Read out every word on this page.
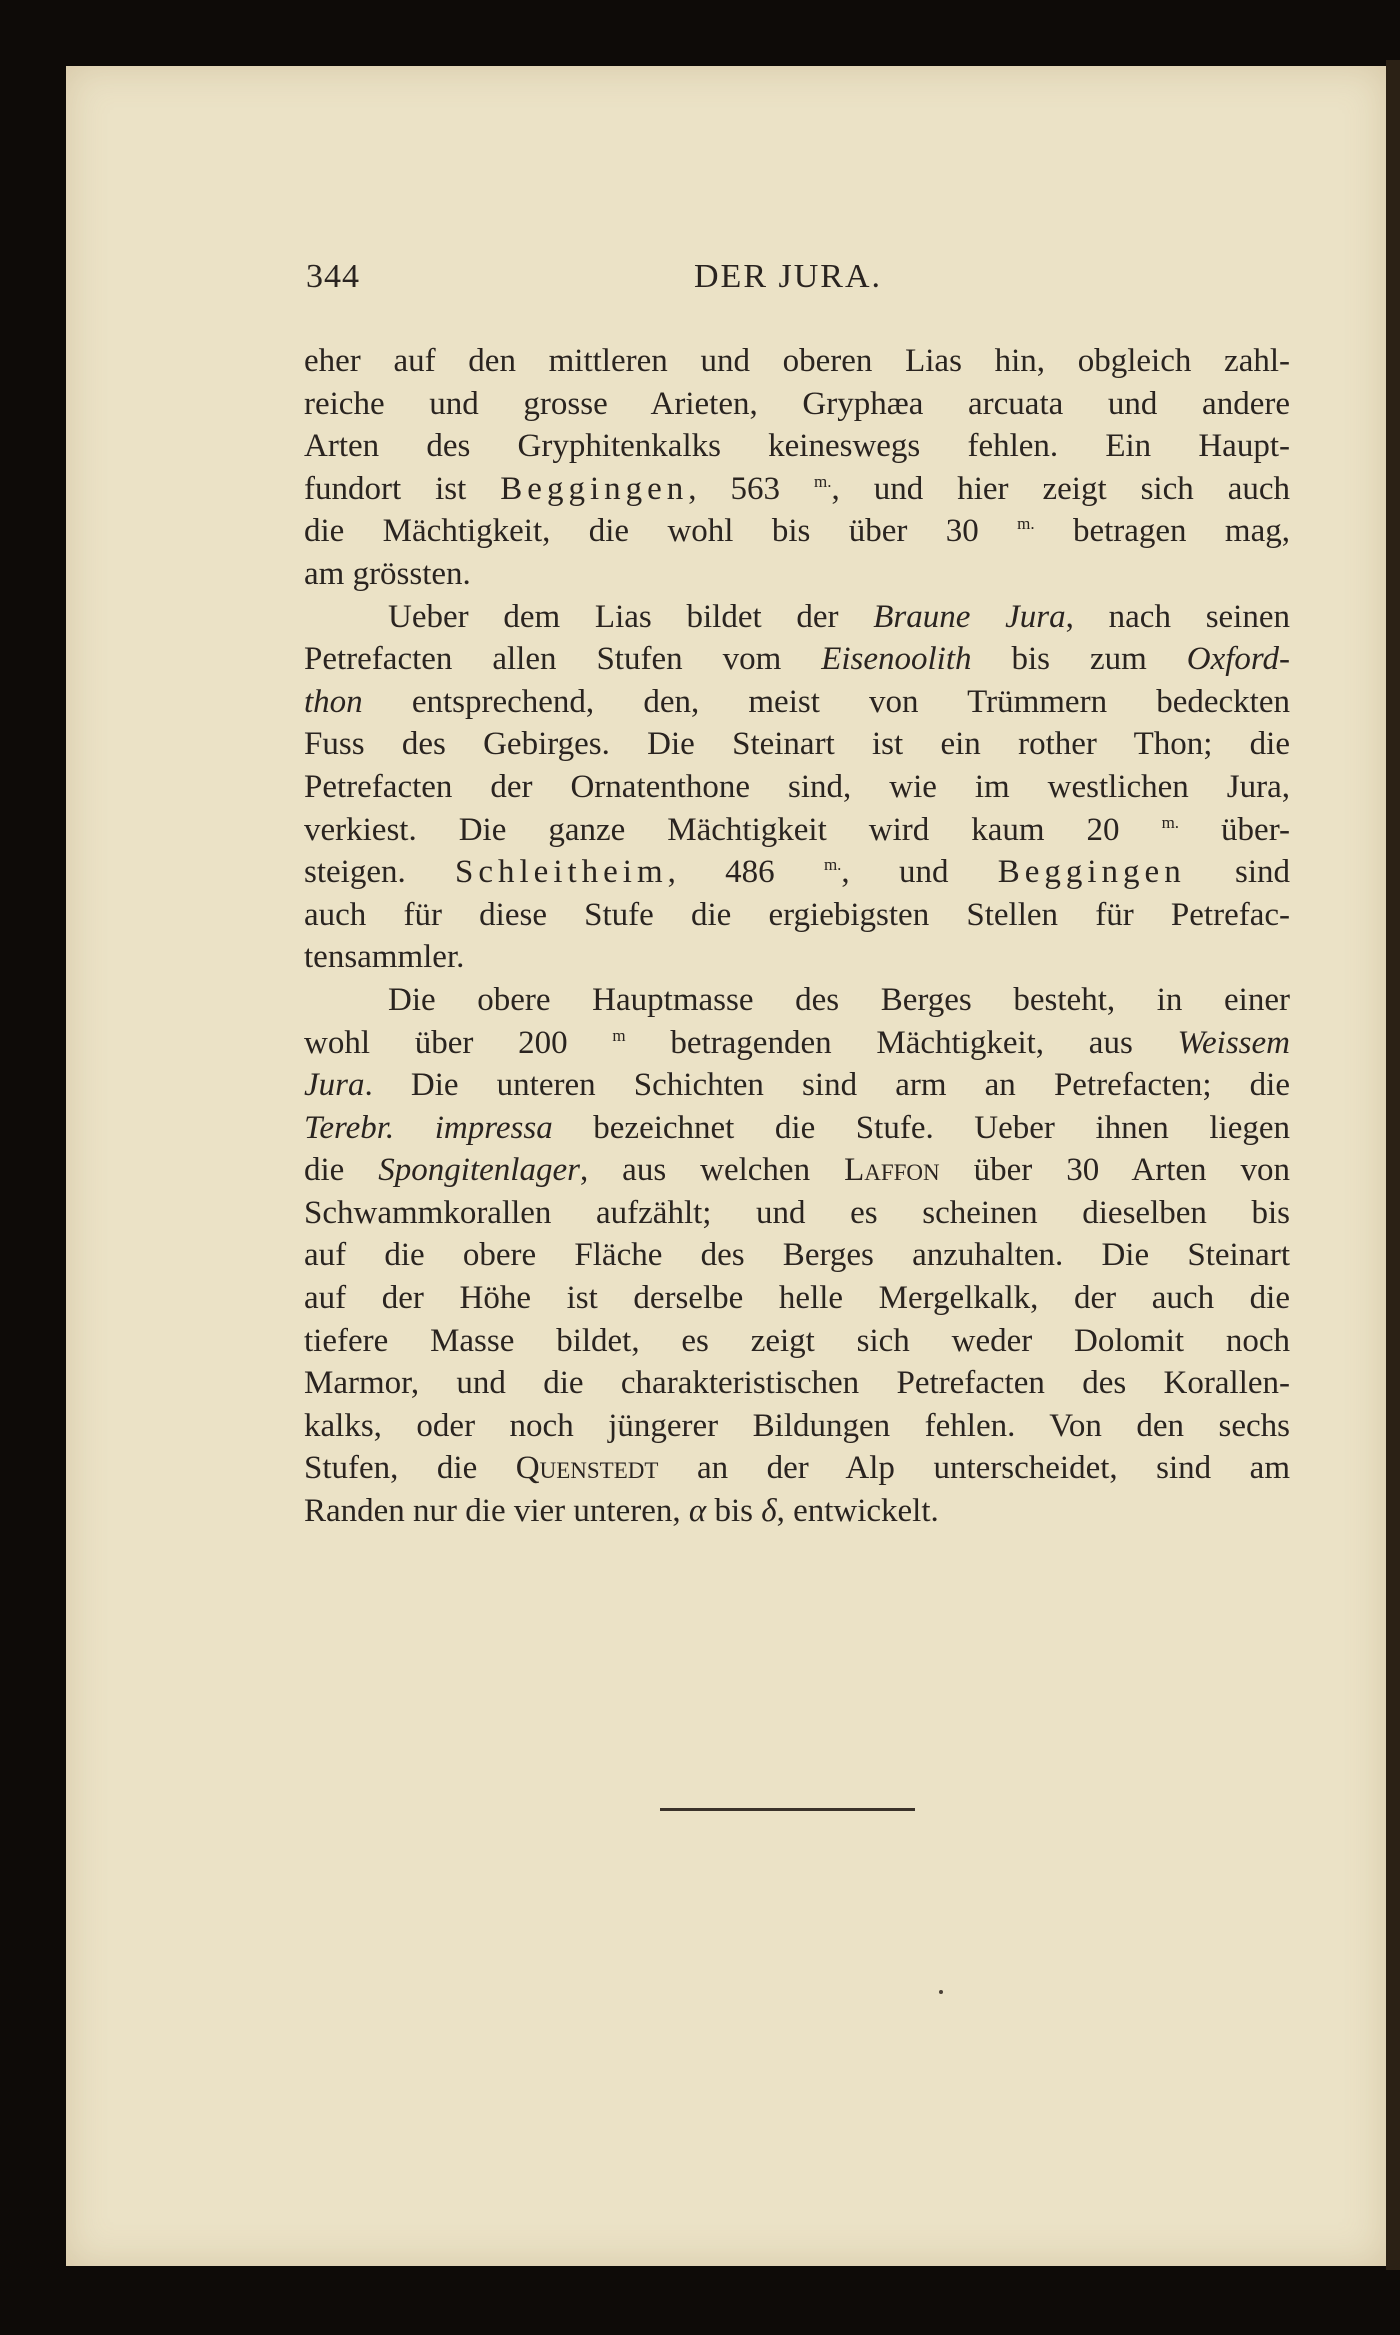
344	DER JURA.
eher auf den mittleren und oberen Lias hin, obgleich zahl-
reiche und grosse Arieten, Gryphæa arcuata und andere
Arten des Gryphitenkalks keineswegs fehlen. Ein Haupt-
fundort ist Beggingen, 563 $^{m.}$, und hier zeigt sich auch
die Mächtigkeit, die wohl bis über 30 $^{m.}$ betragen mag,
am grössten.
Ueber dem Lias bildet der Braune Jura, nach seinen
Petrefacten allen Stufen vom Eisenoolith bis zum Oxford-
thon entsprechend, den, meist von Trümmern bedeckten
Fuss des Gebirges. Die Steinart ist ein rother Thon; die
Petrefacten der Ornatenthone sind, wie im westlichen Jura,
verkiest. Die ganze Mächtigkeit wird kaum 20 $^{m.}$ über-
steigen. Schleitheim, 486 $^{m.}$, und Beggingen sind
auch für diese Stufe die ergiebigsten Stellen für Petrefac-
tensammler.
Die obere Hauptmasse des Berges besteht, in einer
wohl über 200 $^m$ betragenden Mächtigkeit, aus Weissem
Jura. Die unteren Schichten sind arm an Petrefacten; die
Terebr. impressa bezeichnet die Stufe. Ueber ihnen liegen
die Spongitenlager, aus welchen Laffon über 30 Arten von
Schwammkorallen aufzählt; und es scheinen dieselben bis
auf die obere Fläche des Berges anzuhalten. Die Steinart
auf der Höhe ist derselbe helle Mergelkalk, der auch die
tiefere Masse bildet, es zeigt sich weder Dolomit noch
Marmor, und die charakteristischen Petrefacten des Korallen-
kalks, oder noch jüngerer Bildungen fehlen. Von den sechs
Stufen, die Quenstedt an der Alp unterscheidet, sind am
Randen nur die vier unteren, α bis δ, entwickelt.
